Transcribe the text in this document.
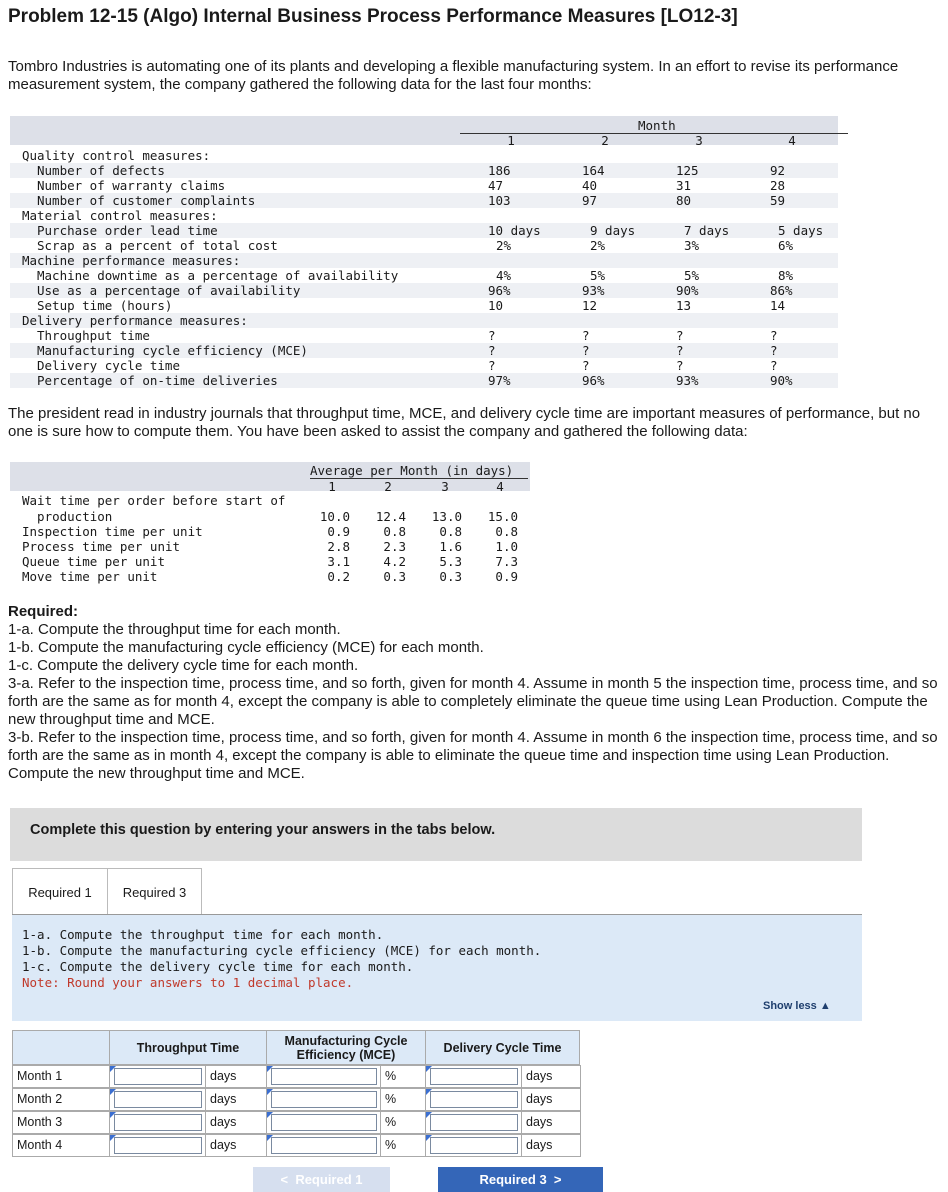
Problem 12-15 (Algo) Internal Business Process Performance Measures [LO12-3]

Tombro Industries is automating one of its plants and developing a flexible manufacturing system. In an effort to revise its performance measurement system, the company gathered the following data for the last four months:

Month
1	2	3	4
Quality control measures:
Number of defects	186	164	125	92
Number of warranty claims	47	40	31	28
Number of customer complaints	103	97	80	59
Material control measures:
Purchase order lead time	10 days	9 days	7 days	5 days
Scrap as a percent of total cost	2%	2%	3%	6%
Machine performance measures:
Machine downtime as a percentage of availability	4%	5%	5%	8%
Use as a percentage of availability	96%	93%	90%	86%
Setup time (hours)	10	12	13	14
Delivery performance measures:
Throughput time	?	?	?	?
Manufacturing cycle efficiency (MCE)	?	?	?	?
Delivery cycle time	?	?	?	?
Percentage of on-time deliveries	97%	96%	93%	90%

The president read in industry journals that throughput time, MCE, and delivery cycle time are important measures of performance, but no one is sure how to compute them. You have been asked to assist the company and gathered the following data:

Average per Month (in days)
1	2	3	4
Wait time per order before start of
production	10.0	12.4	13.0	15.0
Inspection time per unit	0.9	0.8	0.8	0.8
Process time per unit	2.8	2.3	1.6	1.0
Queue time per unit	3.1	4.2	5.3	7.3
Move time per unit	0.2	0.3	0.3	0.9

Required:

1-a. Compute the throughput time for each month.

1-b. Compute the manufacturing cycle efficiency (MCE) for each month.

1-c. Compute the delivery cycle time for each month.

3-a. Refer to the inspection time, process time, and so forth, given for month 4. Assume in month 5 the inspection time, process time, and so forth are the same as for month 4, except the company is able to completely eliminate the queue time using Lean Production. Compute the new throughput time and MCE.

3-b. Refer to the inspection time, process time, and so forth, given for month 4. Assume in month 6 the inspection time, process time, and so forth are the same as in month 4, except the company is able to eliminate the queue time and inspection time using Lean Production. Compute the new throughput time and MCE.

Complete this question by entering your answers in the tabs below.
Required 1	Required 3

1-a. Compute the throughput time for each month.

1-b. Compute the manufacturing cycle efficiency (MCE) for each month.

1-c. Compute the delivery cycle time for each month.

Note: Round your answers to 1 decimal place.

Show less ▲
Throughput Time	Manufacturing Cycle Efficiency (MCE)	Delivery Cycle Time
Month 1	days	%	days
Month 2	days	%	days
Month 3	days	%	days
Month 4	days	%	days
< Required 1	Required 3 >
